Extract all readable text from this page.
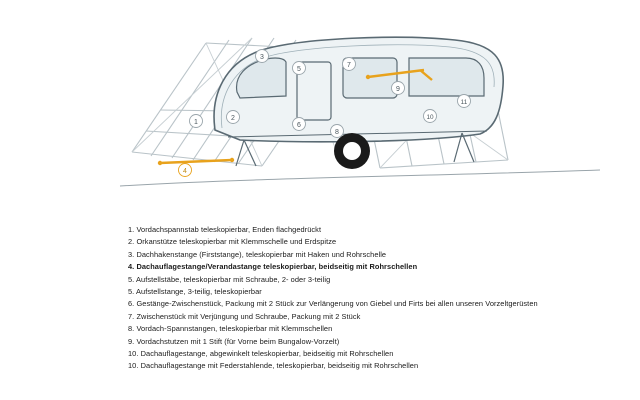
1
2
3
4
5
6
7
8
9
10
11
1. Vordachspannstab teleskopierbar, Enden flachgedrückt
2. Orkanstütze teleskopierbar mit Klemmschelle und Erdspitze
3. Dachhakenstange (Firststange), teleskopierbar mit Haken und Rohrschelle
4. Dachauflagestange/Verandastange teleskopierbar, beidseitig mit Rohrschellen
5. Aufstellstäbe, teleskopierbar mit Schraube, 2- oder 3-teilig
5. Aufstellstange, 3-teilig, teleskopierbar
6. Gestänge-Zwischenstück, Packung mit 2 Stück zur Verlängerung von Giebel und Firts bei allen unseren Vorzeltgerüsten
7. Zwischenstück mit Verjüngung und Schraube, Packung mit 2 Stück
8. Vordach-Spannstangen, teleskopierbar mit Klemmschellen
9. Vordachstutzen mit 1 Stift (für Vorne beim Bungalow-Vorzelt)
10. Dachauflagestange, abgewinkelt teleskopierbar, beidseitig mit Rohrschellen
10. Dachauflagestange mit Federstahlende, teleskopierbar, beidseitig mit Rohrschellen
